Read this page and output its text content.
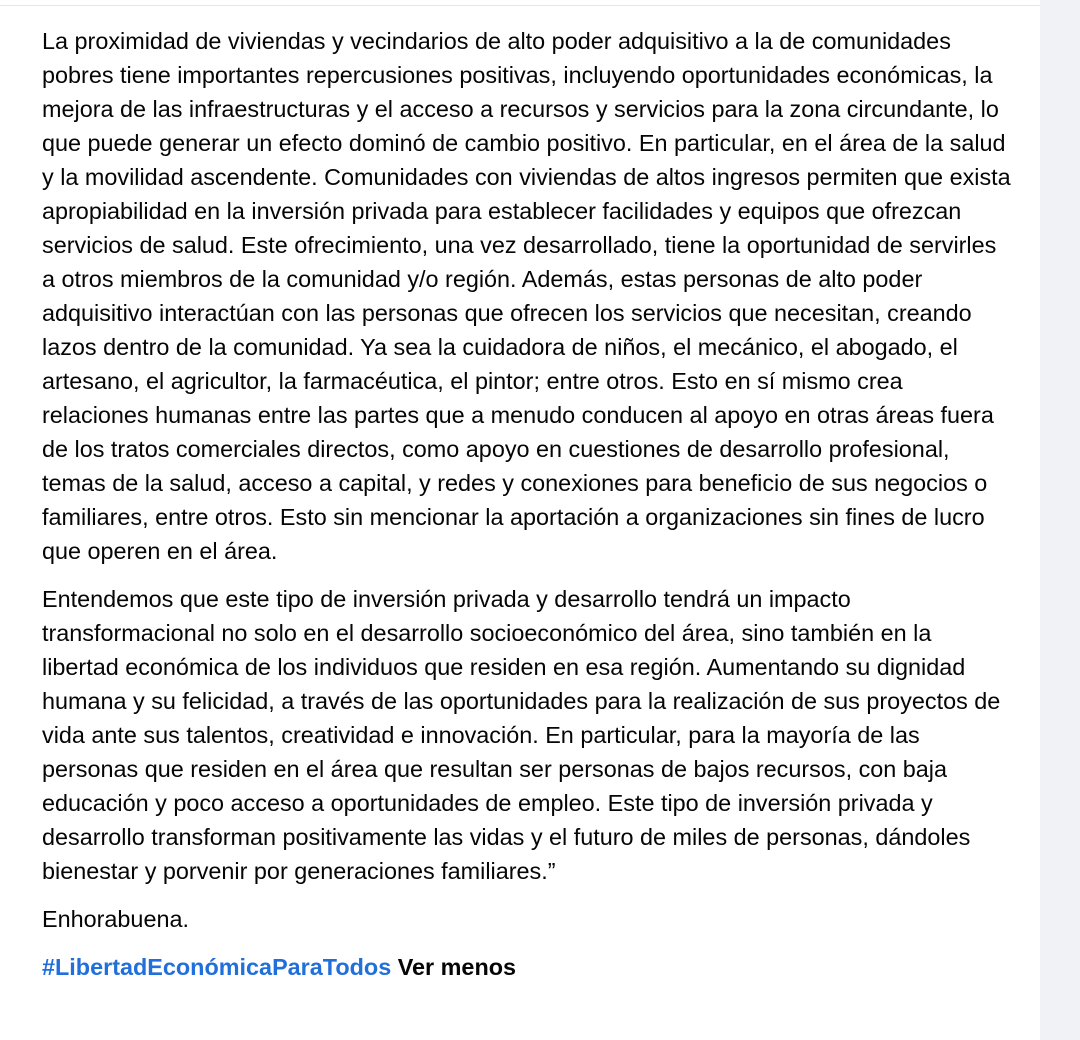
La proximidad de viviendas y vecindarios de alto poder adquisitivo a la de comunidades pobres tiene importantes repercusiones positivas, incluyendo oportunidades económicas, la mejora de las infraestructuras y el acceso a recursos y servicios para la zona circundante, lo que puede generar un efecto dominó de cambio positivo. En particular, en el área de la salud y la movilidad ascendente. Comunidades con viviendas de altos ingresos permiten que exista apropiabilidad en la inversión privada para establecer facilidades y equipos que ofrezcan servicios de salud. Este ofrecimiento, una vez desarrollado, tiene la oportunidad de servirles a otros miembros de la comunidad y/o región. Además, estas personas de alto poder adquisitivo interactúan con las personas que ofrecen los servicios que necesitan, creando lazos dentro de la comunidad. Ya sea la cuidadora de niños, el mecánico, el abogado, el artesano, el agricultor, la farmacéutica, el pintor; entre otros. Esto en sí mismo crea relaciones humanas entre las partes que a menudo conducen al apoyo en otras áreas fuera de los tratos comerciales directos, como apoyo en cuestiones de desarrollo profesional, temas de la salud, acceso a capital, y redes y conexiones para beneficio de sus negocios o familiares, entre otros. Esto sin mencionar la aportación a organizaciones sin fines de lucro que operen en el área.

Entendemos que este tipo de inversión privada y desarrollo tendrá un impacto transformacional no solo en el desarrollo socioeconómico del área, sino también en la libertad económica de los individuos que residen en esa región. Aumentando su dignidad humana y su felicidad, a través de las oportunidades para la realización de sus proyectos de vida ante sus talentos, creatividad e innovación. En particular, para la mayoría de las personas que residen en el área que resultan ser personas de bajos recursos, con baja educación y poco acceso a oportunidades de empleo. Este tipo de inversión privada y desarrollo transforman positivamente las vidas y el futuro de miles de personas, dándoles bienestar y porvenir por generaciones familiares.”

Enhorabuena.

#LibertadEconómicaParaTodos Ver menos
